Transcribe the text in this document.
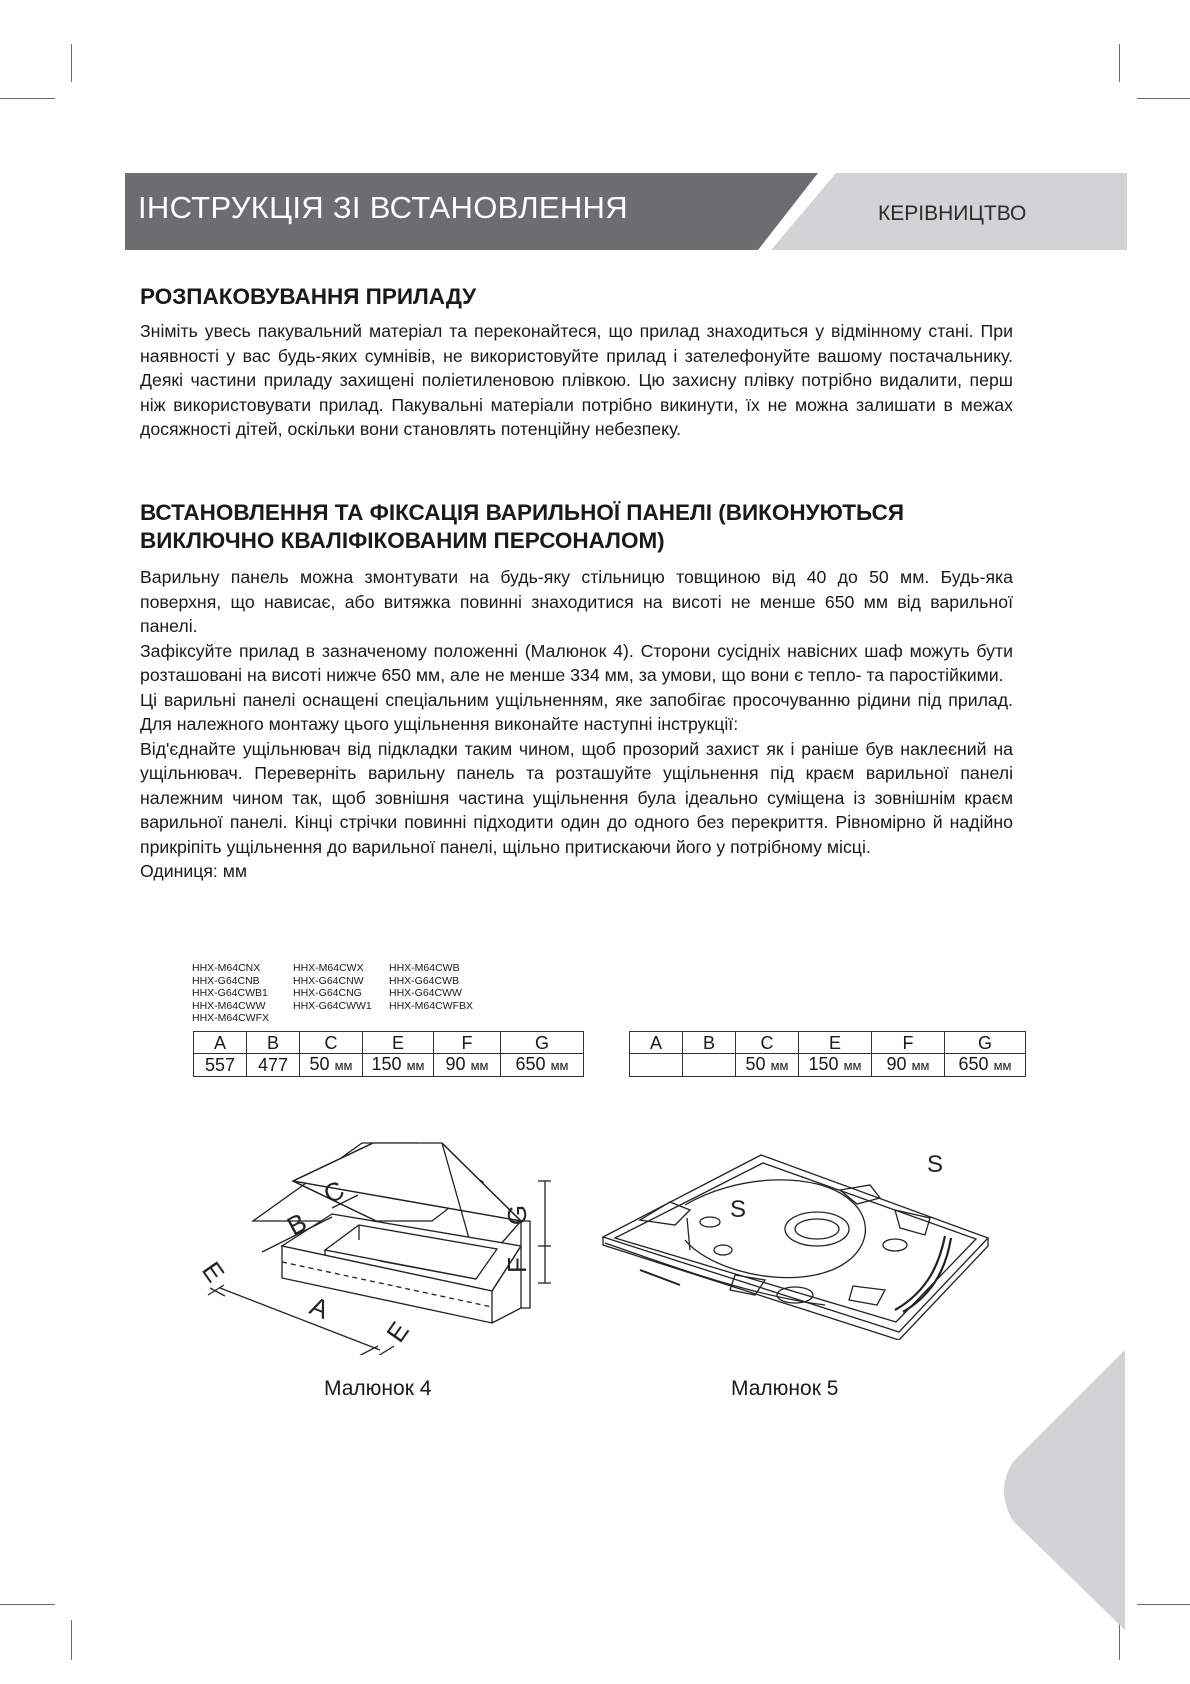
ІНСТРУКЦІЯ ЗІ ВСТАНОВЛЕННЯ	КЕРІВНИЦТВО
РОЗПАКОВУВАННЯ ПРИЛАДУ

Зніміть увесь пакувальний матеріал та переконайтеся, що прилад знаходиться у відмінному стані. При наявності у вас будь-яких сумнівів, не використовуйте прилад і зателефонуйте вашому постачальнику. Деякі частини приладу захищені поліетиленовою плівкою. Цю захисну плівку потрібно видалити, перш ніж використовувати прилад. Пакувальні матеріали потрібно викинути, їх не можна залишати в межах досяжності дітей, оскільки вони становлять потенційну небезпеку.

ВСТАНОВЛЕННЯ ТА ФІКСАЦІЯ ВАРИЛЬНОЇ ПАНЕЛІ (ВИКОНУЮТЬСЯ
ВИКЛЮЧНО КВАЛІФІКОВАНИМ ПЕРСОНАЛОМ)

Варильну панель можна змонтувати на будь-яку стільницю товщиною від 40 до 50 мм. Будь-яка поверхня, що нависає, або витяжка повинні знаходитися на висоті не менше 650 мм від варильної панелі.

Зафіксуйте прилад в зазначеному положенні (Малюнок 4). Сторони сусідніх навісних шаф можуть бути розташовані на висоті нижче 650 мм, але не менше 334 мм, за умови, що вони є тепло- та паростійкими.

Ці варильні панелі оснащені спеціальним ущільненням, яке запобігає просочуванню рідини під прилад. Для належного монтажу цього ущільнення виконайте наступні інструкції:

Від'єднайте ущільнювач від підкладки таким чином, щоб прозорий захист як і раніше був наклеєний на ущільнювач. Переверніть варильну панель та розташуйте ущільнення під краєм варильної панелі належним чином так, щоб зовнішня частина ущільнення була ідеально суміщена із зовнішнім краєм варильної панелі. Кінці стрічки повинні підходити один до одного без перекриття. Рівномірно й надійно прикріпіть ущільнення до варильної панелі, щільно притискаючи його у потрібному місці.

Одиниця: мм

HHX-M64CNX
HHX-G64CNB
HHX-G64CWB1
HHX-M64CWW
HHX-M64CWFX
HHX-M64CWX
HHX-G64CNW
HHX-G64CNG
HHX-G64CWW1
HHX-M64CWB
HHX-G64CWB
HHX-G64CWW
HHX-M64CWFBX
A	B	C	E	F	G
557	477	50 мм	150 мм	90 мм	650 мм
A	B	C	E	F	G
		50 мм	150 мм	90 мм	650 мм
G
F
C
B
A
E
E
S
S
Малюнок 4	Малюнок 5
